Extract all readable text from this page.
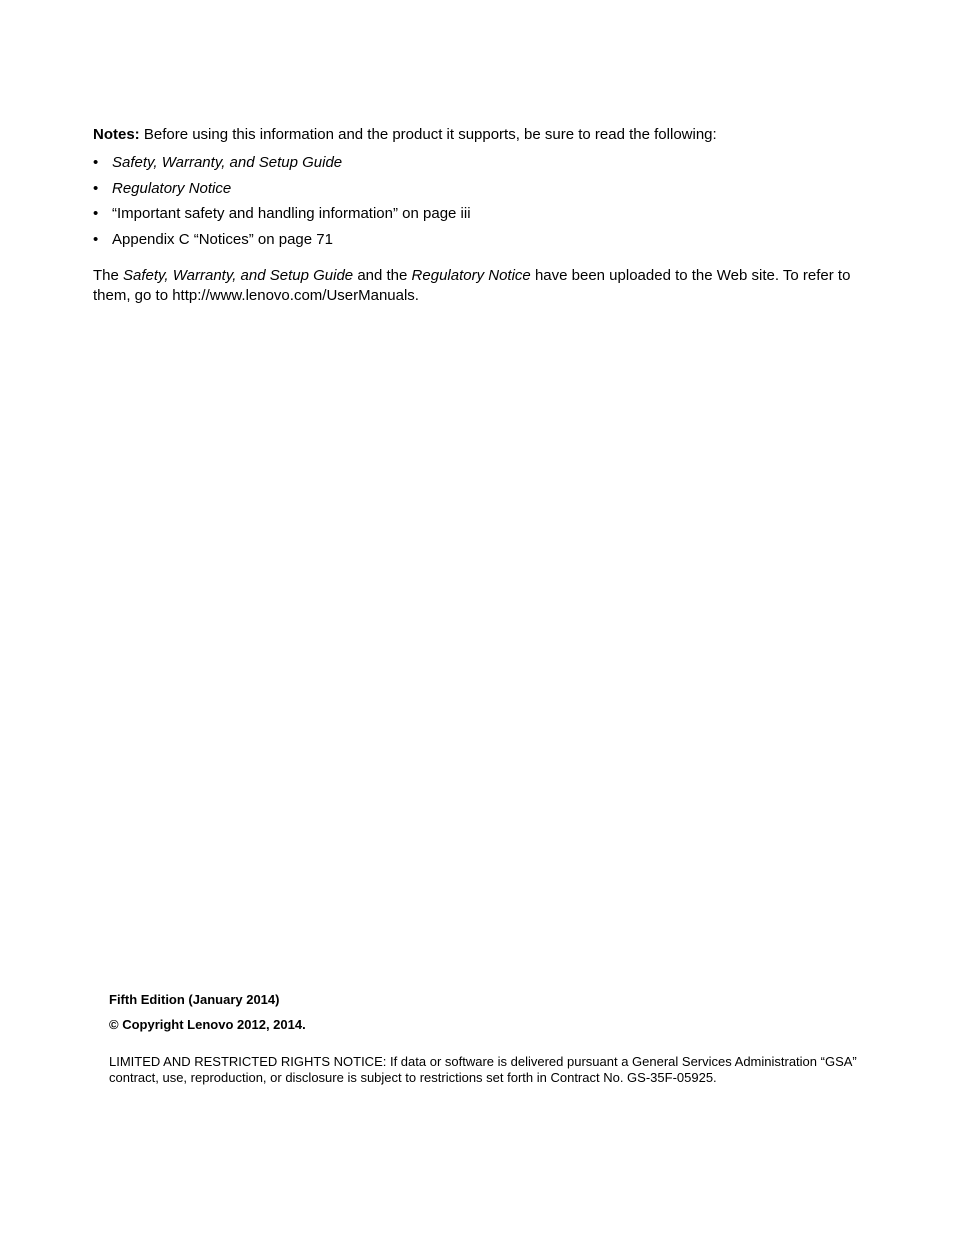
Notes: Before using this information and the product it supports, be sure to read the following:

• Safety, Warranty, and Setup Guide
• Regulatory Notice
• “Important safety and handling information” on page iii
• Appendix C “Notices” on page 71

The Safety, Warranty, and Setup Guide and the Regulatory Notice have been uploaded to the Web site. To refer to them, go to http://www.lenovo.com/UserManuals.

Fifth Edition (January 2014)
© Copyright Lenovo 2012, 2014.

LIMITED AND RESTRICTED RIGHTS NOTICE: If data or software is delivered pursuant a General Services Administration “GSA” contract, use, reproduction, or disclosure is subject to restrictions set forth in Contract No. GS-35F-05925.
